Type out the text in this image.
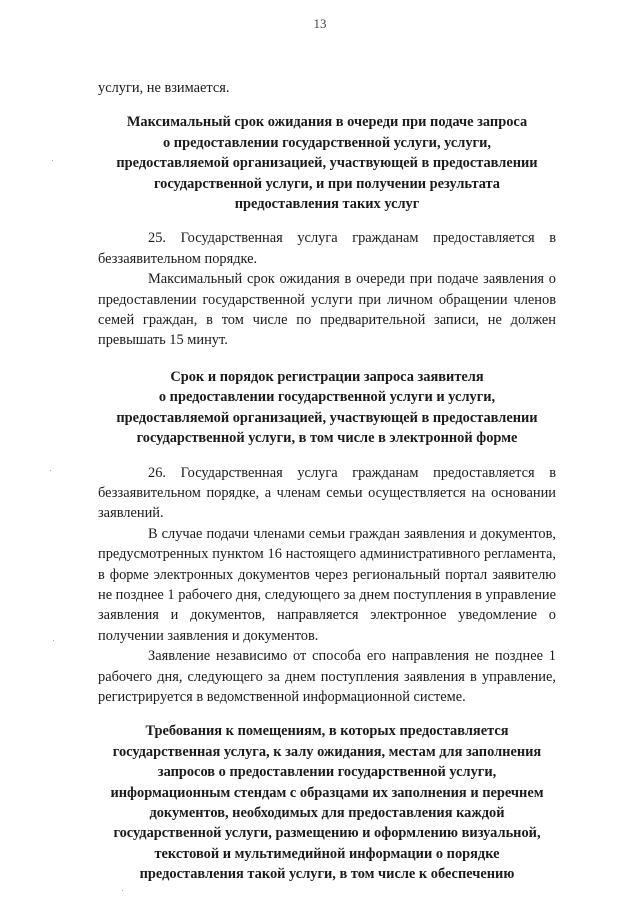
13

услуги, не взимается.

Максимальный срок ожидания в очереди при подаче запроса
о предоставлении государственной услуги, услуги,
предоставляемой организацией, участвующей в предоставлении
государственной услуги, и при получении результата
предоставления таких услуг

25. Государственная услуга гражданам предоставляется в беззаявительном порядке.

Максимальный срок ожидания в очереди при подаче заявления о предоставлении государственной услуги при личном обращении членов семей граждан, в том числе по предварительной записи, не должен превышать 15 минут.

Срок и порядок регистрации запроса заявителя
о предоставлении государственной услуги и услуги,
предоставляемой организацией, участвующей в предоставлении
государственной услуги, в том числе в электронной форме

26. Государственная услуга гражданам предоставляется в беззаявительном порядке, а членам семьи осуществляется на основании заявлений.

В случае подачи членами семьи граждан заявления и документов, предусмотренных пунктом 16 настоящего административного регламента, в форме электронных документов через региональный портал заявителю не позднее 1 рабочего дня, следующего за днем поступления в управление заявления и документов, направляется электронное уведомление о получении заявления и документов.

Заявление независимо от способа его направления не позднее 1 рабочего дня, следующего за днем поступления заявления в управление, регистрируется в ведомственной информационной системе.

Требования к помещениям, в которых предоставляется
государственная услуга, к залу ожидания, местам для заполнения
запросов о предоставлении государственной услуги,
информационным стендам с образцами их заполнения и перечнем
документов, необходимых для предоставления каждой
государственной услуги, размещению и оформлению визуальной,
текстовой и мультимедийной информации о порядке
предоставления такой услуги, в том числе к обеспечению
